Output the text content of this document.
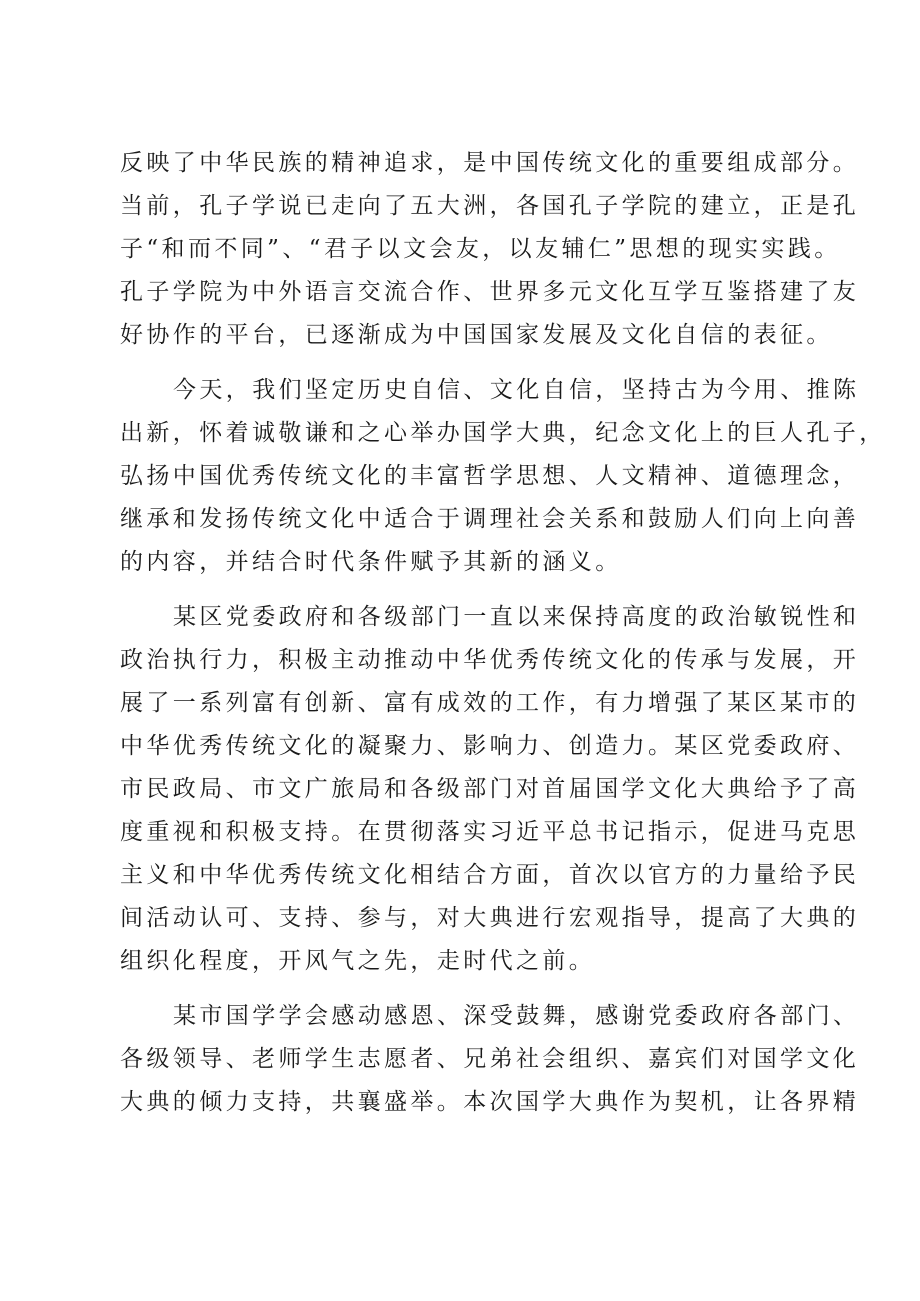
反映了中华民族的精神追求，是中国传统文化的重要组成部分。
当前，孔子学说已走向了五大洲，各国孔子学院的建立，正是孔
子“和而不同”、“君子以文会友，以友辅仁”思想的现实实践。
孔子学院为中外语言交流合作、世界多元文化互学互鉴搭建了友
好协作的平台，已逐渐成为中国国家发展及文化自信的表征。
今天，我们坚定历史自信、文化自信，坚持古为今用、推陈
出新，怀着诚敬谦和之心举办国学大典，纪念文化上的巨人孔子，
弘扬中国优秀传统文化的丰富哲学思想、人文精神、道德理念，
继承和发扬传统文化中适合于调理社会关系和鼓励人们向上向善
的内容，并结合时代条件赋予其新的涵义。
某区党委政府和各级部门一直以来保持高度的政治敏锐性和
政治执行力，积极主动推动中华优秀传统文化的传承与发展，开
展了一系列富有创新、富有成效的工作，有力增强了某区某市的
中华优秀传统文化的凝聚力、影响力、创造力。某区党委政府、
市民政局、市文广旅局和各级部门对首届国学文化大典给予了高
度重视和积极支持。在贯彻落实习近平总书记指示，促进马克思
主义和中华优秀传统文化相结合方面，首次以官方的力量给予民
间活动认可、支持、参与，对大典进行宏观指导，提高了大典的
组织化程度，开风气之先，走时代之前。
某市国学学会感动感恩、深受鼓舞，感谢党委政府各部门、
各级领导、老师学生志愿者、兄弟社会组织、嘉宾们对国学文化
大典的倾力支持，共襄盛举。本次国学大典作为契机，让各界精
